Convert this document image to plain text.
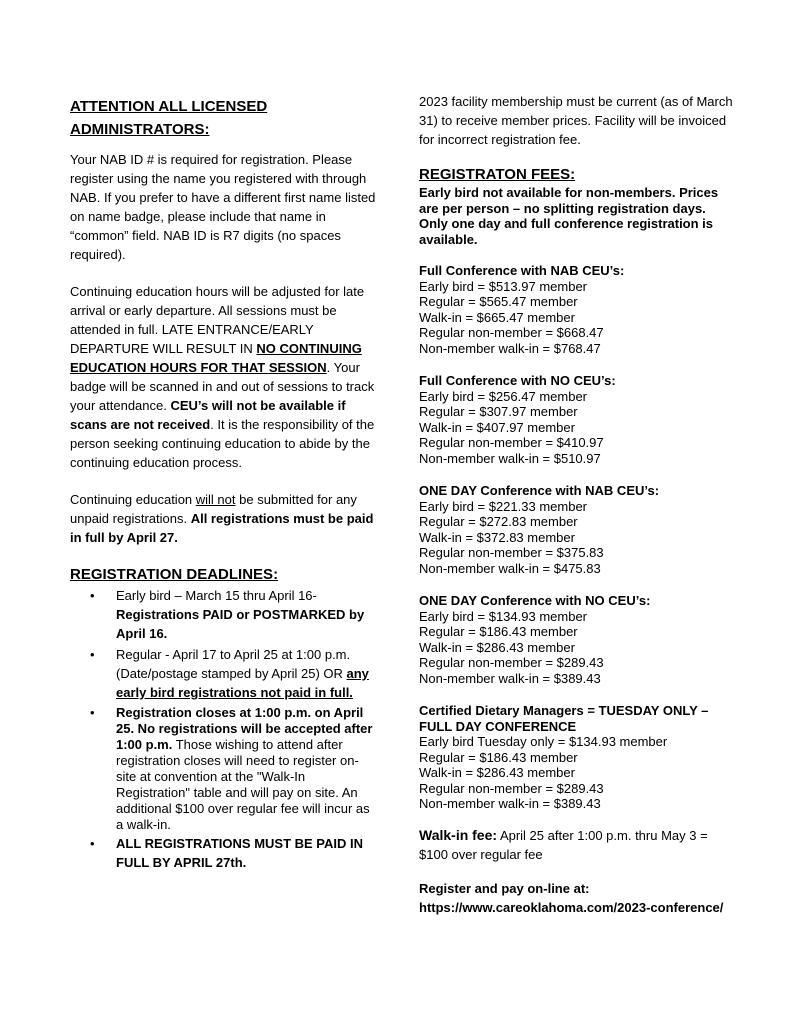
ATTENTION ALL LICENSED
ADMINISTRATORS:

Your NAB ID # is required for registration. Please register using the name you registered with through NAB. If you prefer to have a different first name listed on name badge, please include that name in “common” field. NAB ID is R7 digits (no spaces required).

Continuing education hours will be adjusted for late arrival or early departure. All sessions must be attended in full. LATE ENTRANCE/EARLY DEPARTURE WILL RESULT IN NO CONTINUING EDUCATION HOURS FOR THAT SESSION. Your badge will be scanned in and out of sessions to track your attendance. CEU’s will not be available if scans are not received. It is the responsibility of the person seeking continuing education to abide by the continuing education process.

Continuing education will not be submitted for any unpaid registrations. All registrations must be paid in full by April 27.

REGISTRATION DEADLINES:
• Early bird – March 15 thru April 16- Registrations PAID or POSTMARKED by April 16.
• Regular - April 17 to April 25 at 1:00 p.m. (Date/postage stamped by April 25) OR any early bird registrations not paid in full.
• Registration closes at 1:00 p.m. on April 25. No registrations will be accepted after 1:00 p.m. Those wishing to attend after registration closes will need to register on-site at convention at the "Walk-In Registration" table and will pay on site. An additional $100 over regular fee will incur as a walk-in.
• ALL REGISTRATIONS MUST BE PAID IN FULL BY APRIL 27th.

2023 facility membership must be current (as of March 31) to receive member prices. Facility will be invoiced for incorrect registration fee.

REGISTRATON FEES:

Early bird not available for non-members. Prices are per person – no splitting registration days. Only one day and full conference registration is available.

Full Conference with NAB CEU’s:

Early bird = $513.97 member

Regular = $565.47 member

Walk-in = $665.47 member

Regular non-member = $668.47

Non-member walk-in = $768.47

Full Conference with NO CEU’s:

Early bird = $256.47 member

Regular = $307.97 member

Walk-in = $407.97 member

Regular non-member = $410.97

Non-member walk-in = $510.97

ONE DAY Conference with NAB CEU’s:

Early bird = $221.33 member

Regular = $272.83 member

Walk-in = $372.83 member

Regular non-member = $375.83

Non-member walk-in = $475.83

ONE DAY Conference with NO CEU’s:

Early bird = $134.93 member

Regular = $186.43 member

Walk-in = $286.43 member

Regular non-member = $289.43

Non-member walk-in = $389.43

Certified Dietary Managers = TUESDAY ONLY – FULL DAY CONFERENCE

Early bird Tuesday only = $134.93 member

Regular = $186.43 member

Walk-in = $286.43 member

Regular non-member = $289.43

Non-member walk-in = $389.43

Walk-in fee: April 25 after 1:00 p.m. thru May 3 = $100 over regular fee

Register and pay on-line at:
https://www.careoklahoma.com/2023-conference/
